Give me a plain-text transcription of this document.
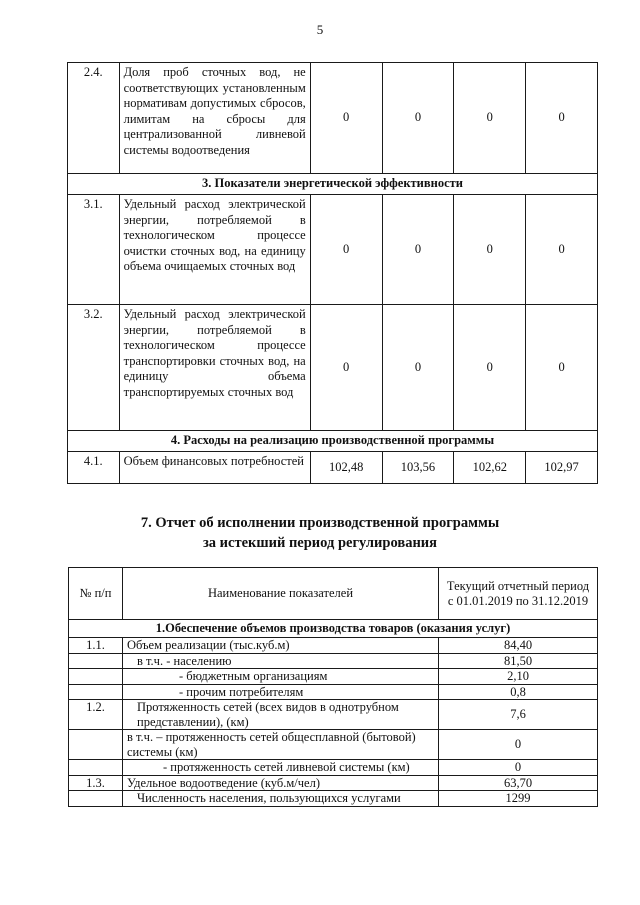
5
2.4.	Доля проб сточных вод, не соответствующих установленным нормативам допустимых сбросов, лимитам на сбросы для централизованной ливневой системы водоотведения	0	0	0	0
3. Показатели энергетической эффективности					
3.1.	Удельный расход электрической энергии, потребляемой в технологическом процессе очистки сточных вод, на единицу объема очищаемых сточных вод	0	0	0	0
3.2.	Удельный расход электрической энергии, потребляемой в технологическом процессе транспортировки сточных вод, на единицу объема транспортируемых сточных вод	0	0	0	0
4. Расходы на реализацию производственной программы					
4.1.	Объем финансовых потребностей	102,48	103,56	102,62	102,97
7. Отчет об исполнении производственной программы
за истекший период регулирования
№ п/п	Наименование показателей	Текущий отчетный период с 01.01.2019 по 31.12.2019
1.Обеспечение объемов производства товаров (оказания услуг)		
1.1.	Объем реализации (тыс.куб.м)	84,40
	в т.ч. - населению	81,50
	- бюджетным организациям	2,10
	- прочим потребителям	0,8
1.2.	Протяженность сетей (всех видов в однотрубном представлении), (км)	7,6
	в т.ч. – протяженность сетей общесплавной (бытовой) системы (км)	0
	- протяженность сетей ливневой системы (км)	0
1.3.	Удельное водоотведение (куб.м/чел)	63,70
	Численность населения, пользующихся услугами	1299
